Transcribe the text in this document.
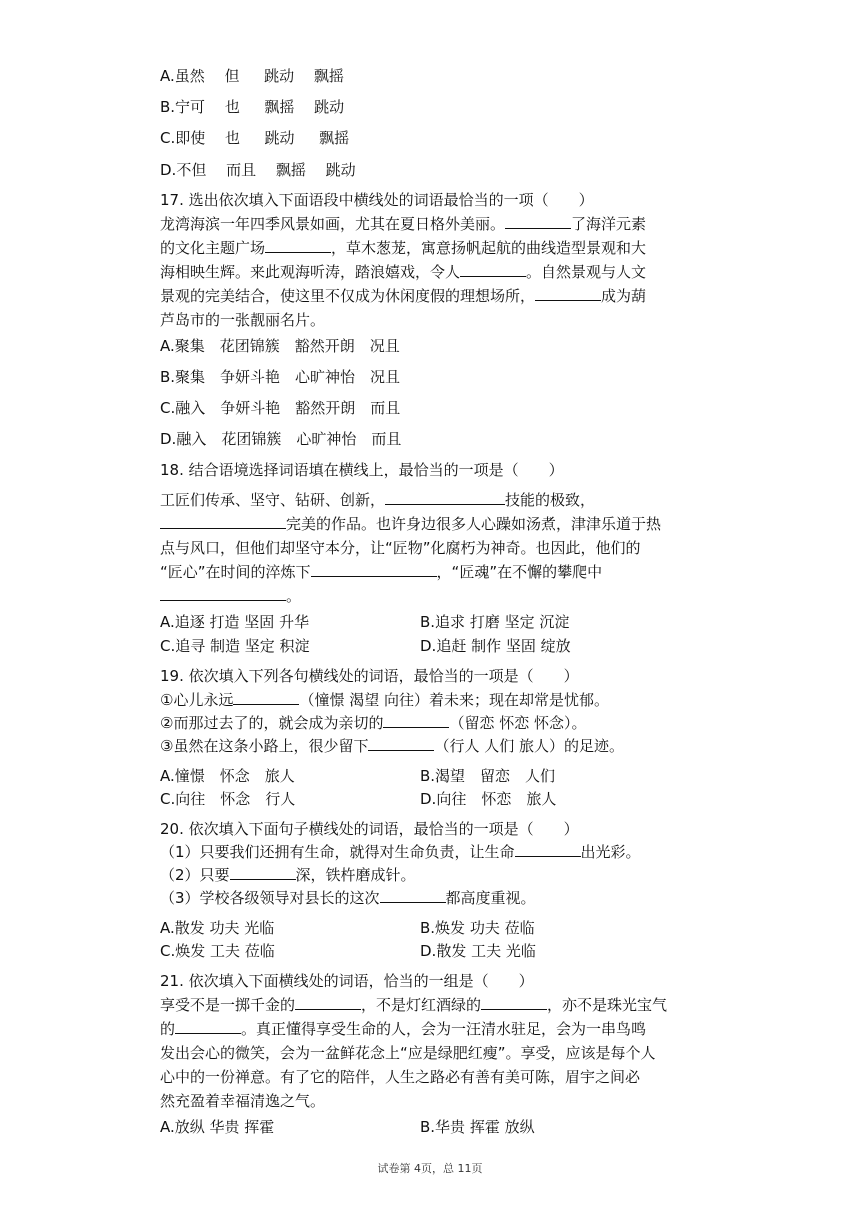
A.虽然　 但 　 跳动 　飘摇
B.宁可 　也 　 飘摇 　跳动
C.即使 　也 　 跳动 　 飘摇
D.不但 　而且 　飘摇 　跳动
17. 选出依次填入下面语段中横线处的词语最恰当的一项（　　）
龙湾海滨一年四季风景如画，尤其在夏日格外美丽。	了海洋元素
的文化主题广场	，草木葱茏，寓意扬帆起航的曲线造型景观和大
海相映生辉。来此观海听涛，踏浪嬉戏，令人	。自然景观与人文
景观的完美结合，使这里不仅成为休闲度假的理想场所，	成为葫
芦岛市的一张靓丽名片。
A.聚集　花团锦簇　豁然开朗　况且
B.聚集　争妍斗艳　心旷神怡　况且
C.融入　争妍斗艳　豁然开朗　而且
D.融入　花团锦簇　心旷神怡　而且
18. 结合语境选择词语填在横线上，最恰当的一项是（　　）
工匠们传承、坚守、钻研、创新，	技能的极致，
完美的作品。也许身边很多人心躁如汤煮，津津乐道于热
点与风口，但他们却坚守本分，让“匠物”化腐朽为神奇。也因此，他们的
“匠心”在时间的淬炼下	，“匠魂”在不懈的攀爬中
。
A.追逐 打造 坚固 升华	B.追求 打磨 坚定 沉淀
C.追寻 制造 坚定 积淀	D.追赶 制作 坚固 绽放
19. 依次填入下列各句横线处的词语，最恰当的一项是（　　）
①心儿永远	（憧憬 渴望 向往）着未来；现在却常是忧郁。
②而那过去了的，就会成为亲切的	（留恋 怀恋 怀念）。
③虽然在这条小路上，很少留下	（行人 人们 旅人）的足迹。
A.憧憬　怀念　旅人	B.渴望　留恋　人们
C.向往　怀念　行人	D.向往　怀恋　旅人
20. 依次填入下面句子横线处的词语，最恰当的一项是（　　）
（1）只要我们还拥有生命，就得对生命负责，让生命	出光彩。
（2）只要	深，铁杵磨成针。
（3）学校各级领导对县长的这次	都高度重视。
A.散发 功夫 光临	B.焕发 功夫 莅临
C.焕发 工夫 莅临	D.散发 工夫 光临
21. 依次填入下面横线处的词语，恰当的一组是（　　）
享受不是一掷千金的	，不是灯红酒绿的	，亦不是珠光宝气
的	。真正懂得享受生命的人，会为一汪清水驻足，会为一串鸟鸣
发出会心的微笑，会为一盆鲜花念上“应是绿肥红瘦”。享受，应该是每个人
心中的一份禅意。有了它的陪伴，人生之路必有善有美可陈，眉宇之间必
然充盈着幸福清逸之气。
A.放纵 华贵 挥霍	B.华贵 挥霍 放纵
试卷第 4页，总 11页
